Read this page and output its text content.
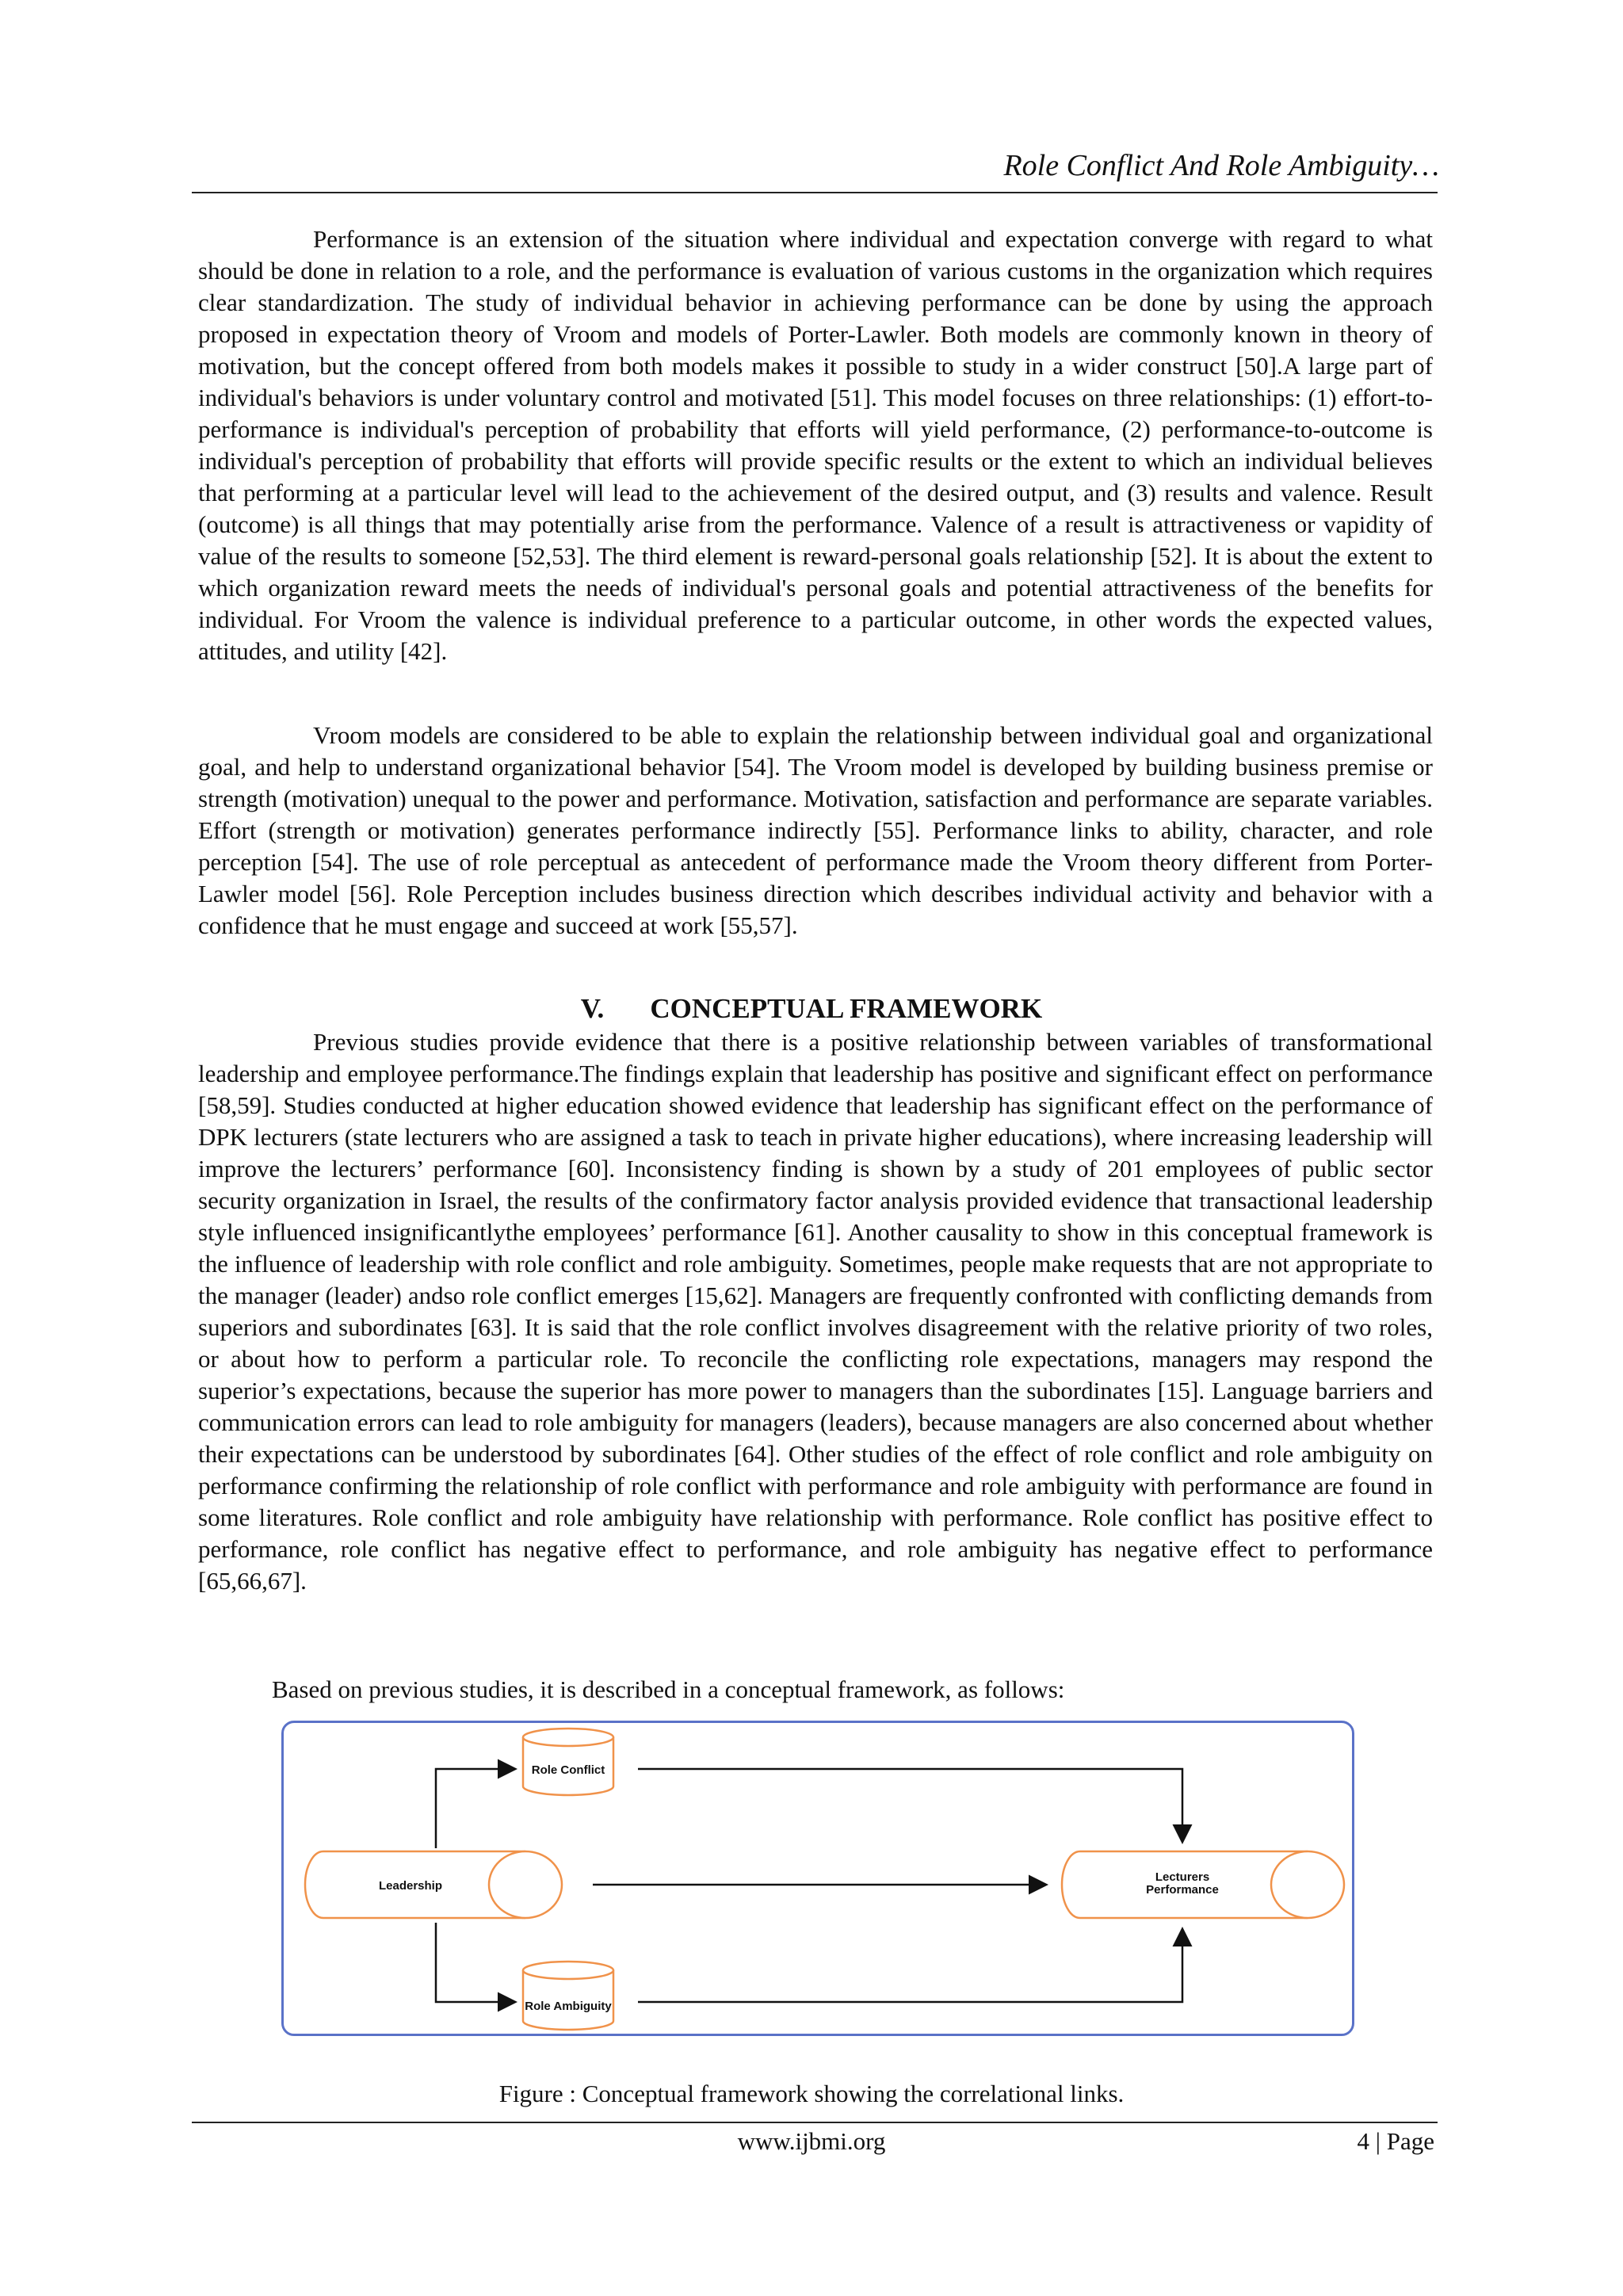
Role Conflict And Role Ambiguity…

Performance is an extension of the situation where individual and expectation converge with regard to what should be done in relation to a role, and the performance is evaluation of various customs in the organization which requires clear standardization. The study of individual behavior in achieving performance can be done by using the approach proposed in expectation theory of Vroom and models of Porter-Lawler. Both models are commonly known in theory of motivation, but the concept offered from both models makes it possible to study in a wider construct [50].A large part of individual's behaviors is under voluntary control and motivated [51]. This model focuses on three relationships: (1) effort-to-performance is individual's perception of probability that efforts will yield performance, (2) performance-to-outcome is individual's perception of probability that efforts will provide specific results or the extent to which an individual believes that performing at a particular level will lead to the achievement of the desired output, and (3) results and valence. Result (outcome) is all things that may potentially arise from the performance. Valence of a result is attractiveness or vapidity of value of the results to someone [52,53]. The third element is reward-personal goals relationship [52]. It is about the extent to which organization reward meets the needs of individual's personal goals and potential attractiveness of the benefits for individual. For Vroom the valence is individual preference to a particular outcome, in other words the expected values, attitudes, and utility [42].

Vroom models are considered to be able to explain the relationship between individual goal and organizational goal, and help to understand organizational behavior [54]. The Vroom model is developed by building business premise or strength (motivation) unequal to the power and performance. Motivation, satisfaction and performance are separate variables. Effort (strength or motivation) generates performance indirectly [55]. Performance links to ability, character, and role perception [54]. The use of role perceptual as antecedent of performance made the Vroom theory different from Porter-Lawler model [56]. Role Perception includes business direction which describes individual activity and behavior with a confidence that he must engage and succeed at work [55,57].

V. CONCEPTUAL FRAMEWORK

Previous studies provide evidence that there is a positive relationship between variables of transformational leadership and employee performance.The findings explain that leadership has positive and significant effect on performance [58,59]. Studies conducted at higher education showed evidence that leadership has significant effect on the performance of DPK lecturers (state lecturers who are assigned a task to teach in private higher educations), where increasing leadership will improve the lecturers’ performance [60]. Inconsistency finding is shown by a study of 201 employees of public sector security organization in Israel, the results of the confirmatory factor analysis provided evidence that transactional leadership style influenced insignificantlythe employees’ performance [61]. Another causality to show in this conceptual framework is the influence of leadership with role conflict and role ambiguity. Sometimes, people make requests that are not appropriate to the manager (leader) andso role conflict emerges [15,62]. Managers are frequently confronted with conflicting demands from superiors and subordinates [63]. It is said that the role conflict involves disagreement with the relative priority of two roles, or about how to perform a particular role. To reconcile the conflicting role expectations, managers may respond the superior’s expectations, because the superior has more power to managers than the subordinates [15]. Language barriers and communication errors can lead to role ambiguity for managers (leaders), because managers are also concerned about whether their expectations can be understood by subordinates [64]. Other studies of the effect of role conflict and role ambiguity on performance confirming the relationship of role conflict with performance and role ambiguity with performance are found in some literatures. Role conflict and role ambiguity have relationship with performance. Role conflict has positive effect to performance, role conflict has negative effect to performance, and role ambiguity has negative effect to performance [65,66,67].

Based on previous studies, it is described in a conceptual framework, as follows:
Role Conflict
Role Ambiguity
Leadership
Lecturers
Performance
Figure : Conceptual framework showing the correlational links.
www.ijbmi.org	4 | Page
